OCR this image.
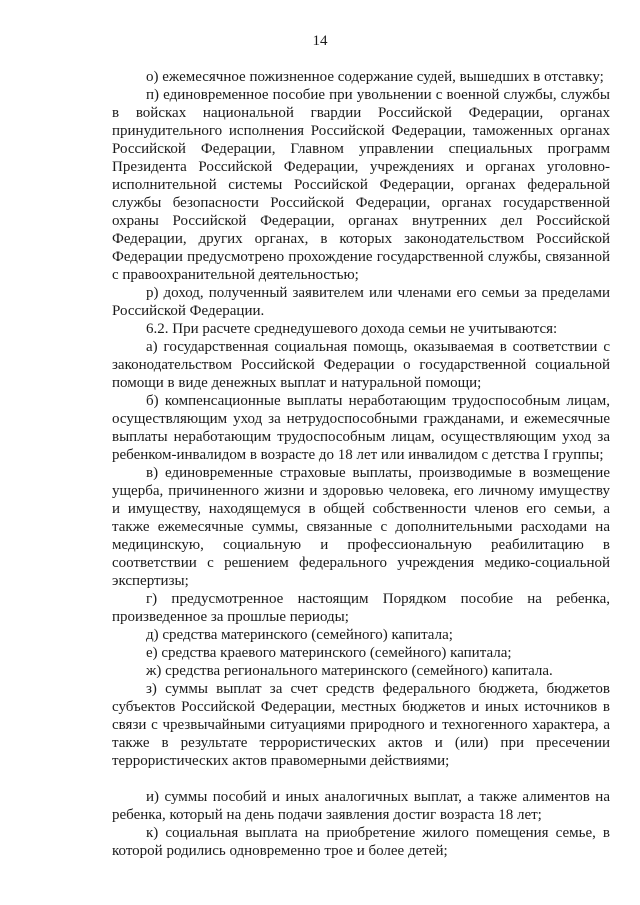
14

о) ежемесячное пожизненное содержание судей, вышедших в отставку;

п) единовременное пособие при увольнении с военной службы, службы в войсках национальной гвардии Российской Федерации, органах принудительного исполнения Российской Федерации, таможенных органах Российской Федерации, Главном управлении специальных программ Президента Российской Федерации, учреждениях и органах уголовно-исполнительной системы Российской Федерации, органах федеральной службы безопасности Российской Федерации, органах государственной охраны Российской Федерации, органах внутренних дел Российской Федерации, других органах, в которых законодательством Российской Федерации предусмотрено прохождение государственной службы, связанной с правоохранительной деятельностью;

р) доход, полученный заявителем или членами его семьи за пределами Российской Федерации.

6.2. При расчете среднедушевого дохода семьи не учитываются:

а) государственная социальная помощь, оказываемая в соответствии с законодательством Российской Федерации о государственной социальной помощи в виде денежных выплат и натуральной помощи;

б) компенсационные выплаты неработающим трудоспособным лицам, осуществляющим уход за нетрудоспособными гражданами, и ежемесячные выплаты неработающим трудоспособным лицам, осуществляющим уход за ребенком-инвалидом в возрасте до 18 лет или инвалидом с детства I группы;

в) единовременные страховые выплаты, производимые в возмещение ущерба, причиненного жизни и здоровью человека, его личному имуществу и имуществу, находящемуся в общей собственности членов его семьи, а также ежемесячные суммы, связанные с дополнительными расходами на медицинскую, социальную и профессиональную реабилитацию в соответствии с решением федерального учреждения медико-социальной экспертизы;

г) предусмотренное настоящим Порядком пособие на ребенка, произведенное за прошлые периоды;

д) средства материнского (семейного) капитала;

е) средства краевого материнского (семейного) капитала;

ж) средства регионального материнского (семейного) капитала.

з) суммы выплат за счет средств федерального бюджета, бюджетов субъектов Российской Федерации, местных бюджетов и иных источников в связи с чрезвычайными ситуациями природного и техногенного характера, а также в результате террористических актов и (или) при пресечении террористических актов правомерными действиями;

и) суммы пособий и иных аналогичных выплат, а также алиментов на ребенка, который на день подачи заявления достиг возраста 18 лет;

к) социальная выплата на приобретение жилого помещения семье, в которой родились одновременно трое и более детей;
